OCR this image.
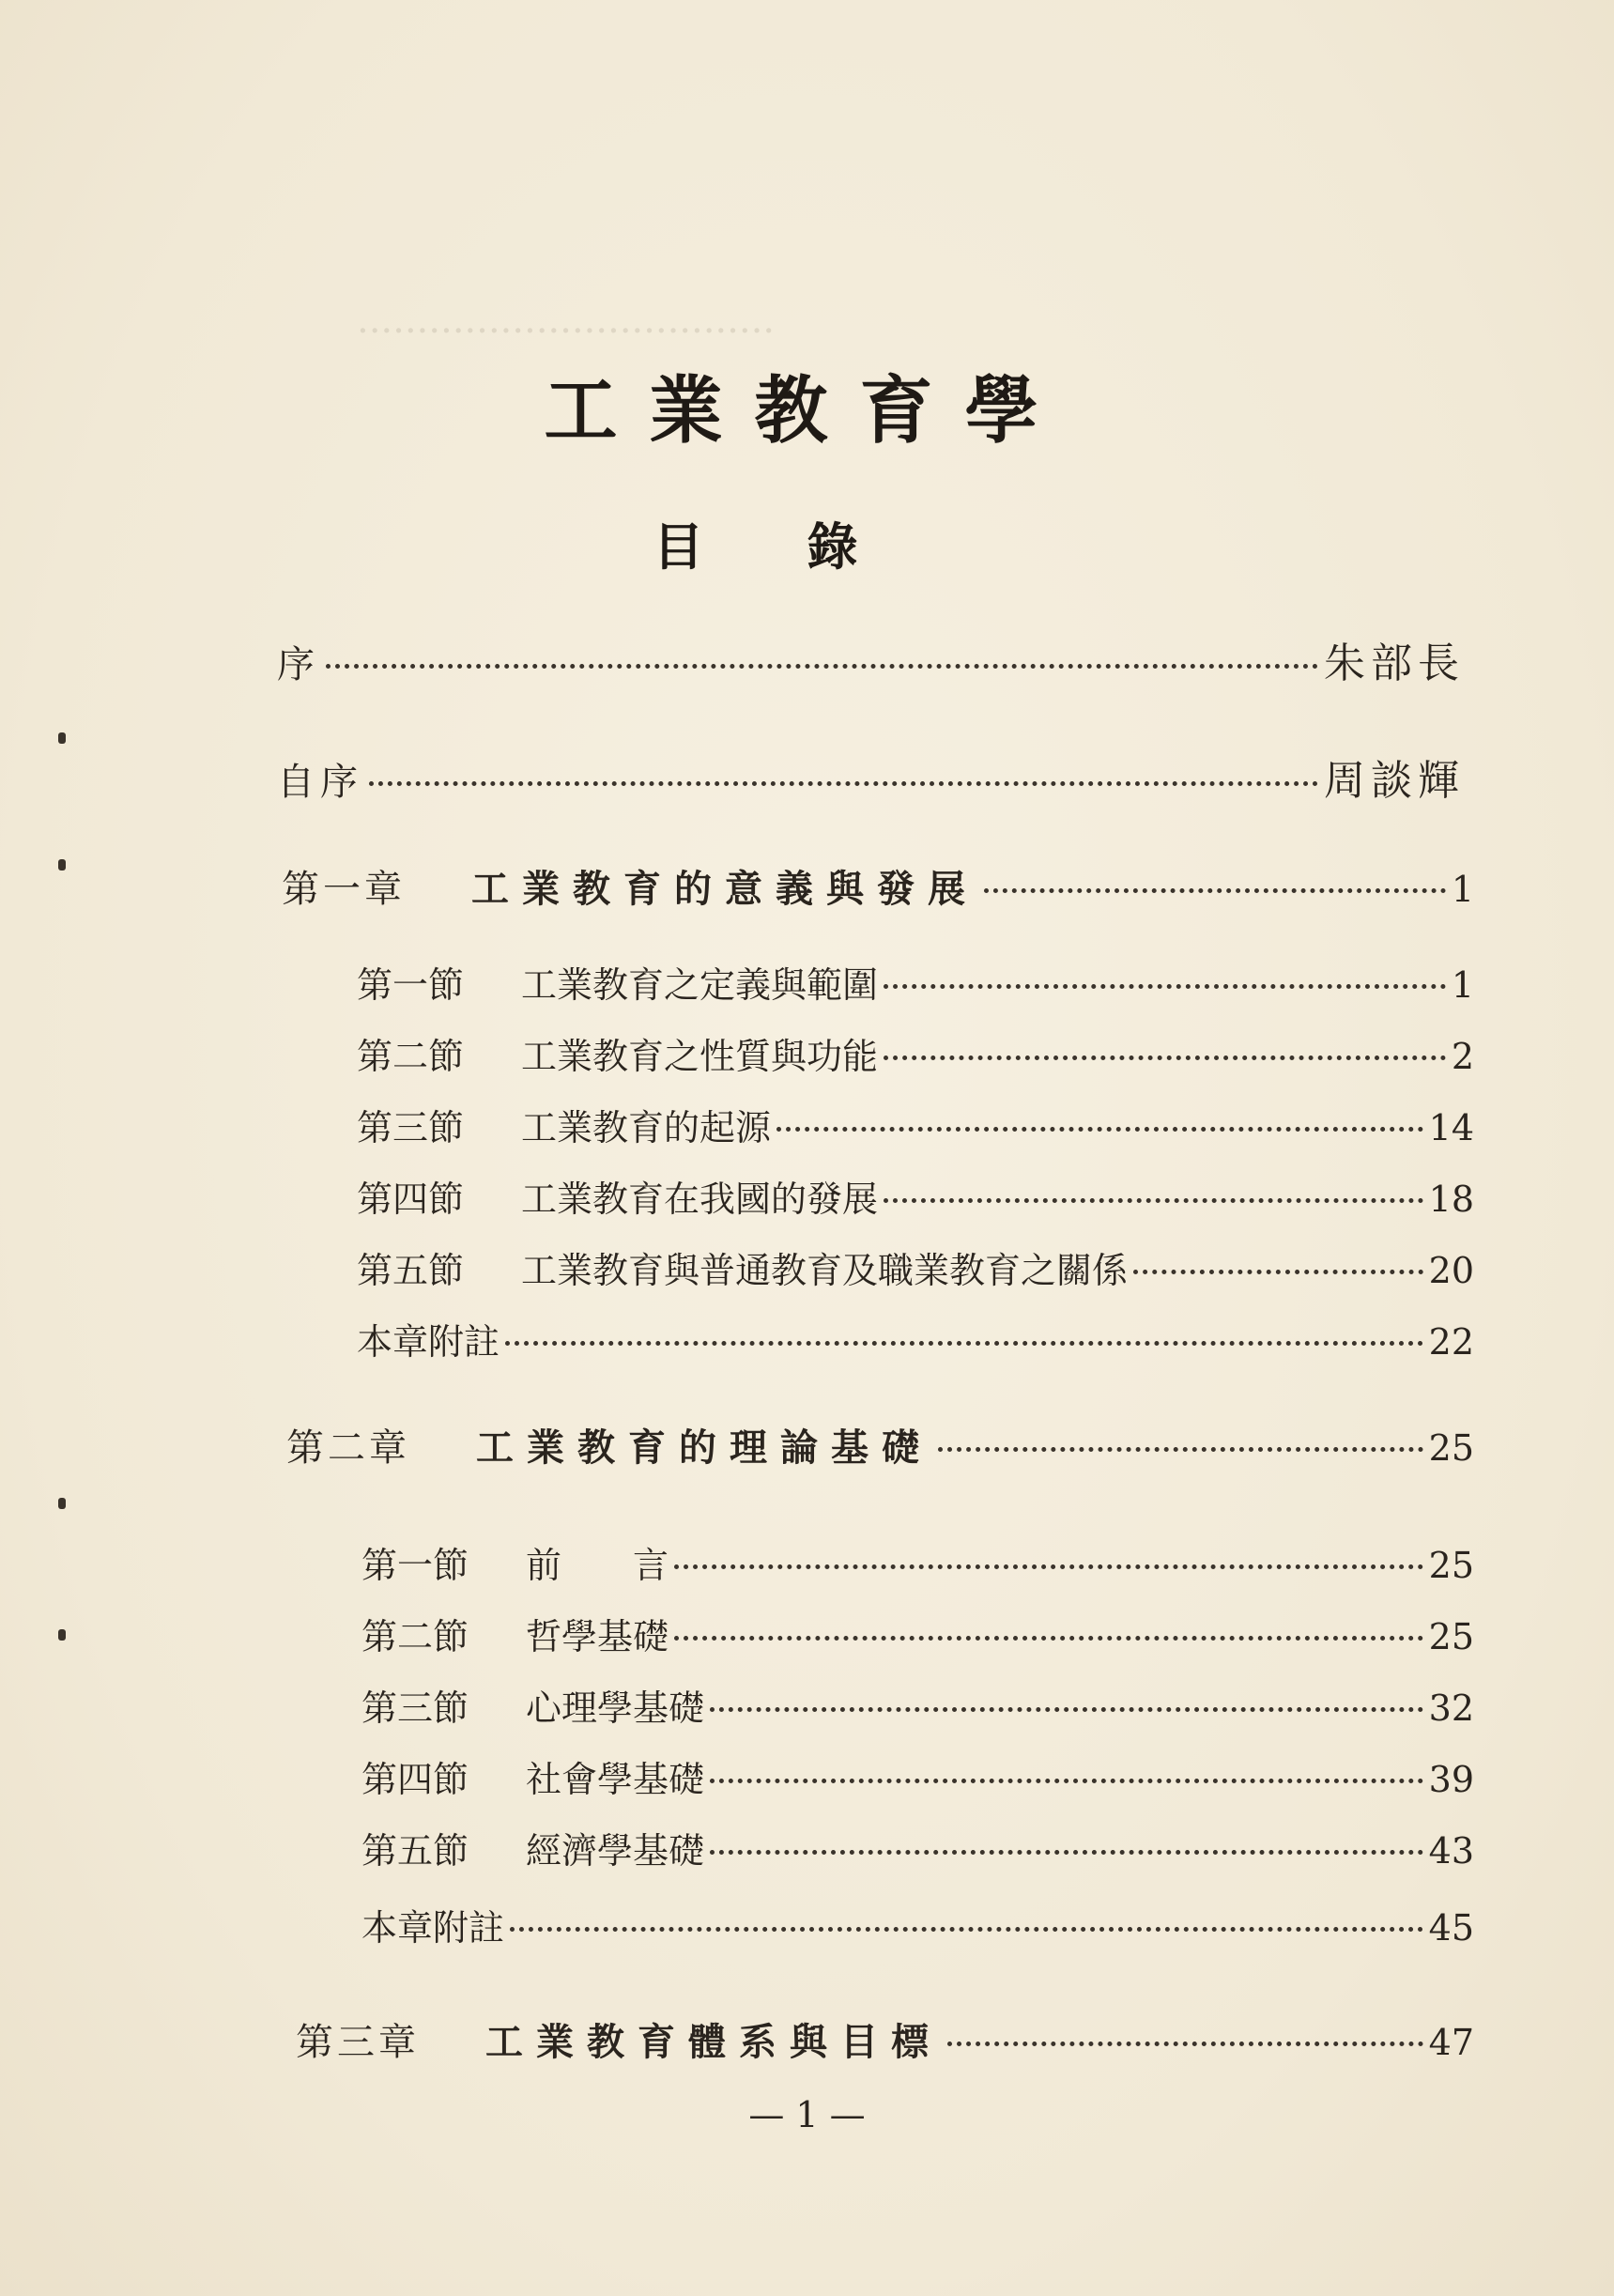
···································
工業教育學
目錄
序	朱部長
自序	周談輝
第一章 工業教育的意義與發展	1
第一節	工業教育之定義與範圍	1
第二節	工業教育之性質與功能	2
第三節	工業教育的起源	14
第四節	工業教育在我國的發展	18
第五節	工業教育與普通教育及職業教育之關係	20
本章附註	22
第二章 工業教育的理論基礎	25
第一節	前　　言	25
第二節	哲學基礎	25
第三節	心理學基礎	32
第四節	社會學基礎	39
第五節	經濟學基礎	43
本章附註	45
第三章 工業教育體系與目標	47
— 1 —
